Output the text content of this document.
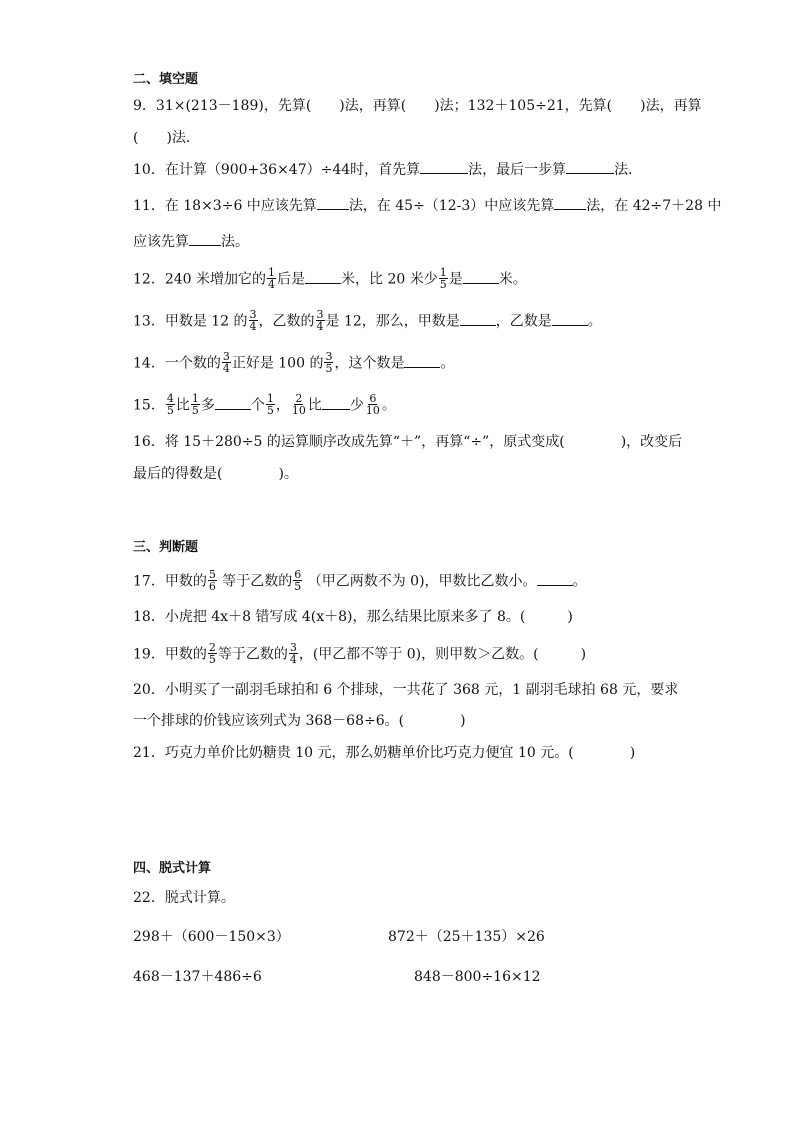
二、填空题
9．31×(213－189)，先算(　　)法，再算(　　)法；132＋105÷21，先算(　　)法，再算
(　　)法．
10．在计算（900+36×47）÷44时，首先算	法，最后一步算	法．
11．在 18×3÷6 中应该先算 法，在 45÷（12-3）中应该先算 法，在 42÷7＋28 中
应该先算 法。
12．240 米增加它的 $\frac{1}{4}$ 后是	米，比 20 米少 $\frac{1}{5}$ 是	米。
13．甲数是 12 的 $\frac{3}{4}$ ，乙数的 $\frac{3}{4}$ 是 12，那么，甲数是	，乙数是	。
14．一个数的 $\frac{3}{4}$ 正好是 100 的 $\frac{3}{5}$ ，这个数是	。
15． $\frac{4}{5}$ 比 $\frac{1}{5}$ 多	个 $\frac{1}{5}$ ， $\frac{2}{10}$ 比 少 $\frac{6}{10}$ 。
16．将 15＋280÷5 的运算顺序改成先算“＋”，再算“÷”，原式变成(　　　　)，改变后
最后的得数是(　　　　)。
三、判断题
17．甲数的 $\frac{5}{6}$ 等于乙数的 $\frac{6}{5}$ （甲乙两数不为 0)，甲数比乙数小。	。
18．小虎把 4x＋8 错写成 4(x＋8)，那么结果比原来多了 8。(　　　)
19．甲数的 $\frac{2}{5}$ 等于乙数的 $\frac{3}{4}$ ，(甲乙都不等于 0)，则甲数＞乙数。(　　　)
20．小明买了一副羽毛球拍和 6 个排球，一共花了 368 元，1 副羽毛球拍 68 元，要求
一个排球的价钱应该列式为 368－68÷6。(　　　　)
21．巧克力单价比奶糖贵 10 元，那么奶糖单价比巧克力便宜 10 元。(　　　　)
四、脱式计算
22．脱式计算。
298＋（600－150×3）	872＋（25＋135）×26
468－137＋486÷6	848－800÷16×12
